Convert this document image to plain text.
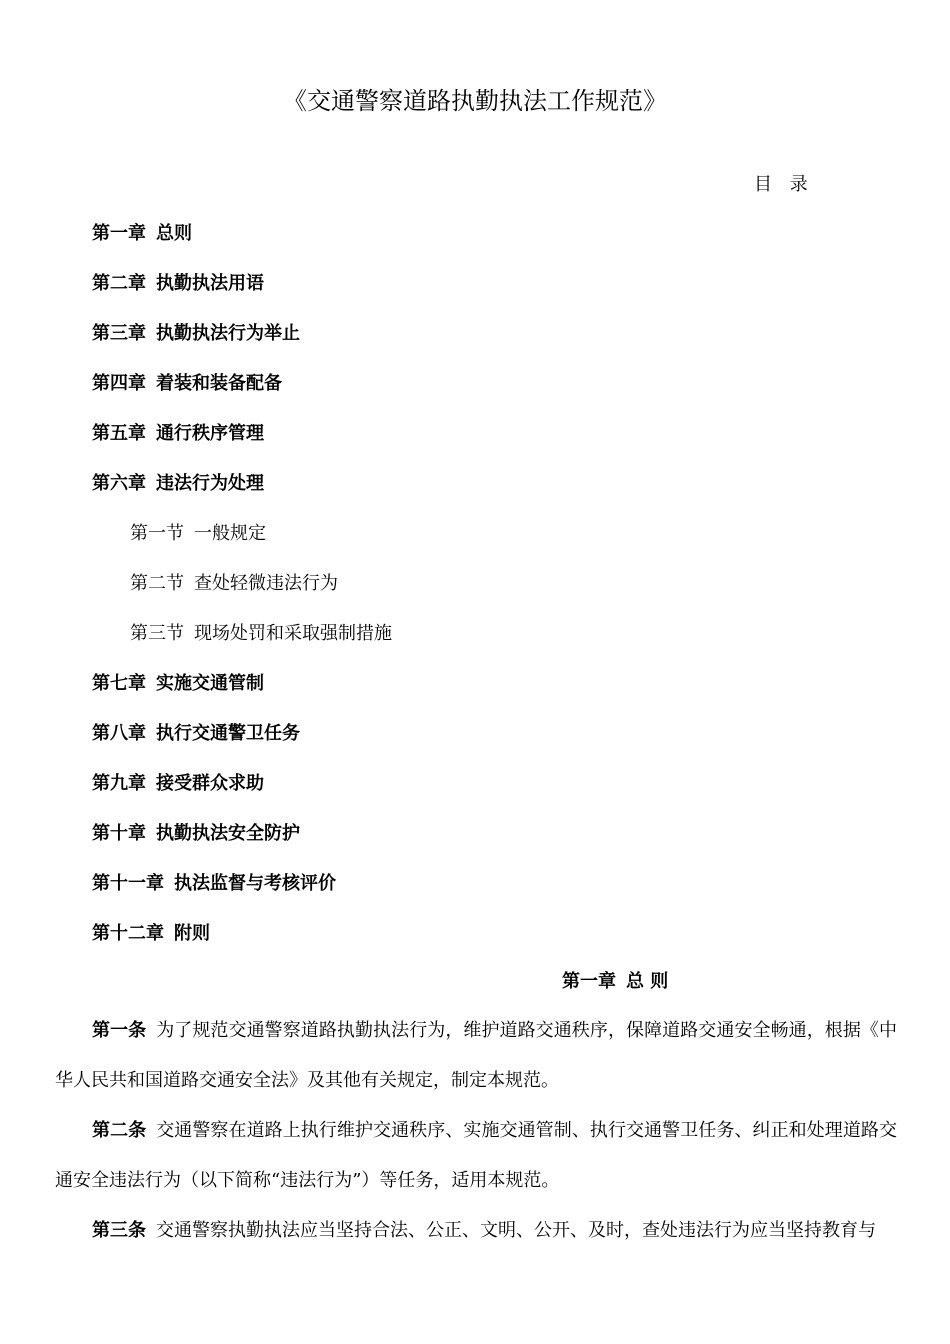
《交通警察道路执勤执法工作规范》
目 录
第一章 总则
第二章 执勤执法用语
第三章 执勤执法行为举止
第四章 着装和装备配备
第五章 通行秩序管理
第六章 违法行为处理
第一节 一般规定
第二节 查处轻微违法行为
第三节 现场处罚和采取强制措施
第七章 实施交通管制
第八章 执行交通警卫任务
第九章 接受群众求助
第十章 执勤执法安全防护
第十一章 执法监督与考核评价
第十二章 附则
第一章 总 则

第一条 为了规范交通警察道路执勤执法行为，维护道路交通秩序，保障道路交通安全畅通，根据《中华人民共和国道路交通安全法》及其他有关规定，制定本规范。

第二条 交通警察在道路上执行维护交通秩序、实施交通管制、执行交通警卫任务、纠正和处理道路交通安全违法行为（以下简称“违法行为”）等任务，适用本规范。

第三条 交通警察执勤执法应当坚持合法、公正、文明、公开、及时，查处违法行为应当坚持教育与
